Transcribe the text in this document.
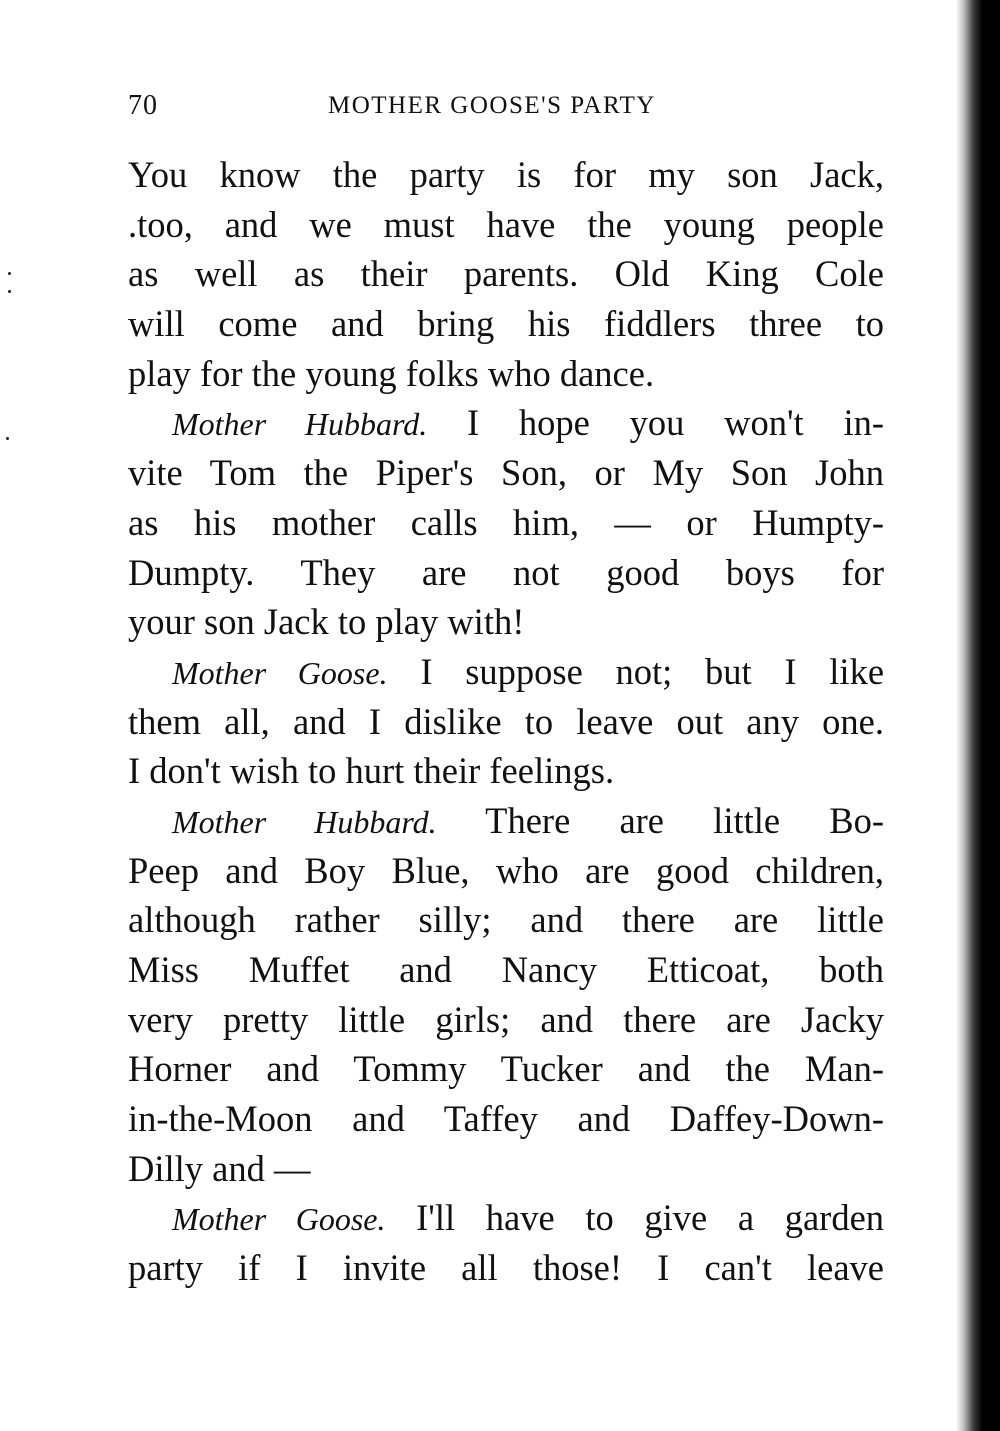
70	MOTHER GOOSE'S PARTY
You know the party is for my son Jack,
.too, and we must have the young people
as well as their parents. Old King Cole
will come and bring his fiddlers three to
play for the young folks who dance.
Mother Hubbard. I hope you won't in-
vite Tom the Piper's Son, or My Son John
as his mother calls him, — or Humpty-
Dumpty. They are not good boys for
your son Jack to play with!
Mother Goose. I suppose not; but I like
them all, and I dislike to leave out any one.
I don't wish to hurt their feelings.
Mother Hubbard. There are little Bo-
Peep and Boy Blue, who are good children,
although rather silly; and there are little
Miss Muffet and Nancy Etticoat, both
very pretty little girls; and there are Jacky
Horner and Tommy Tucker and the Man-
in-the-Moon and Taffey and Daffey-Down-
Dilly and —
Mother Goose. I'll have to give a garden
party if I invite all those! I can't leave
